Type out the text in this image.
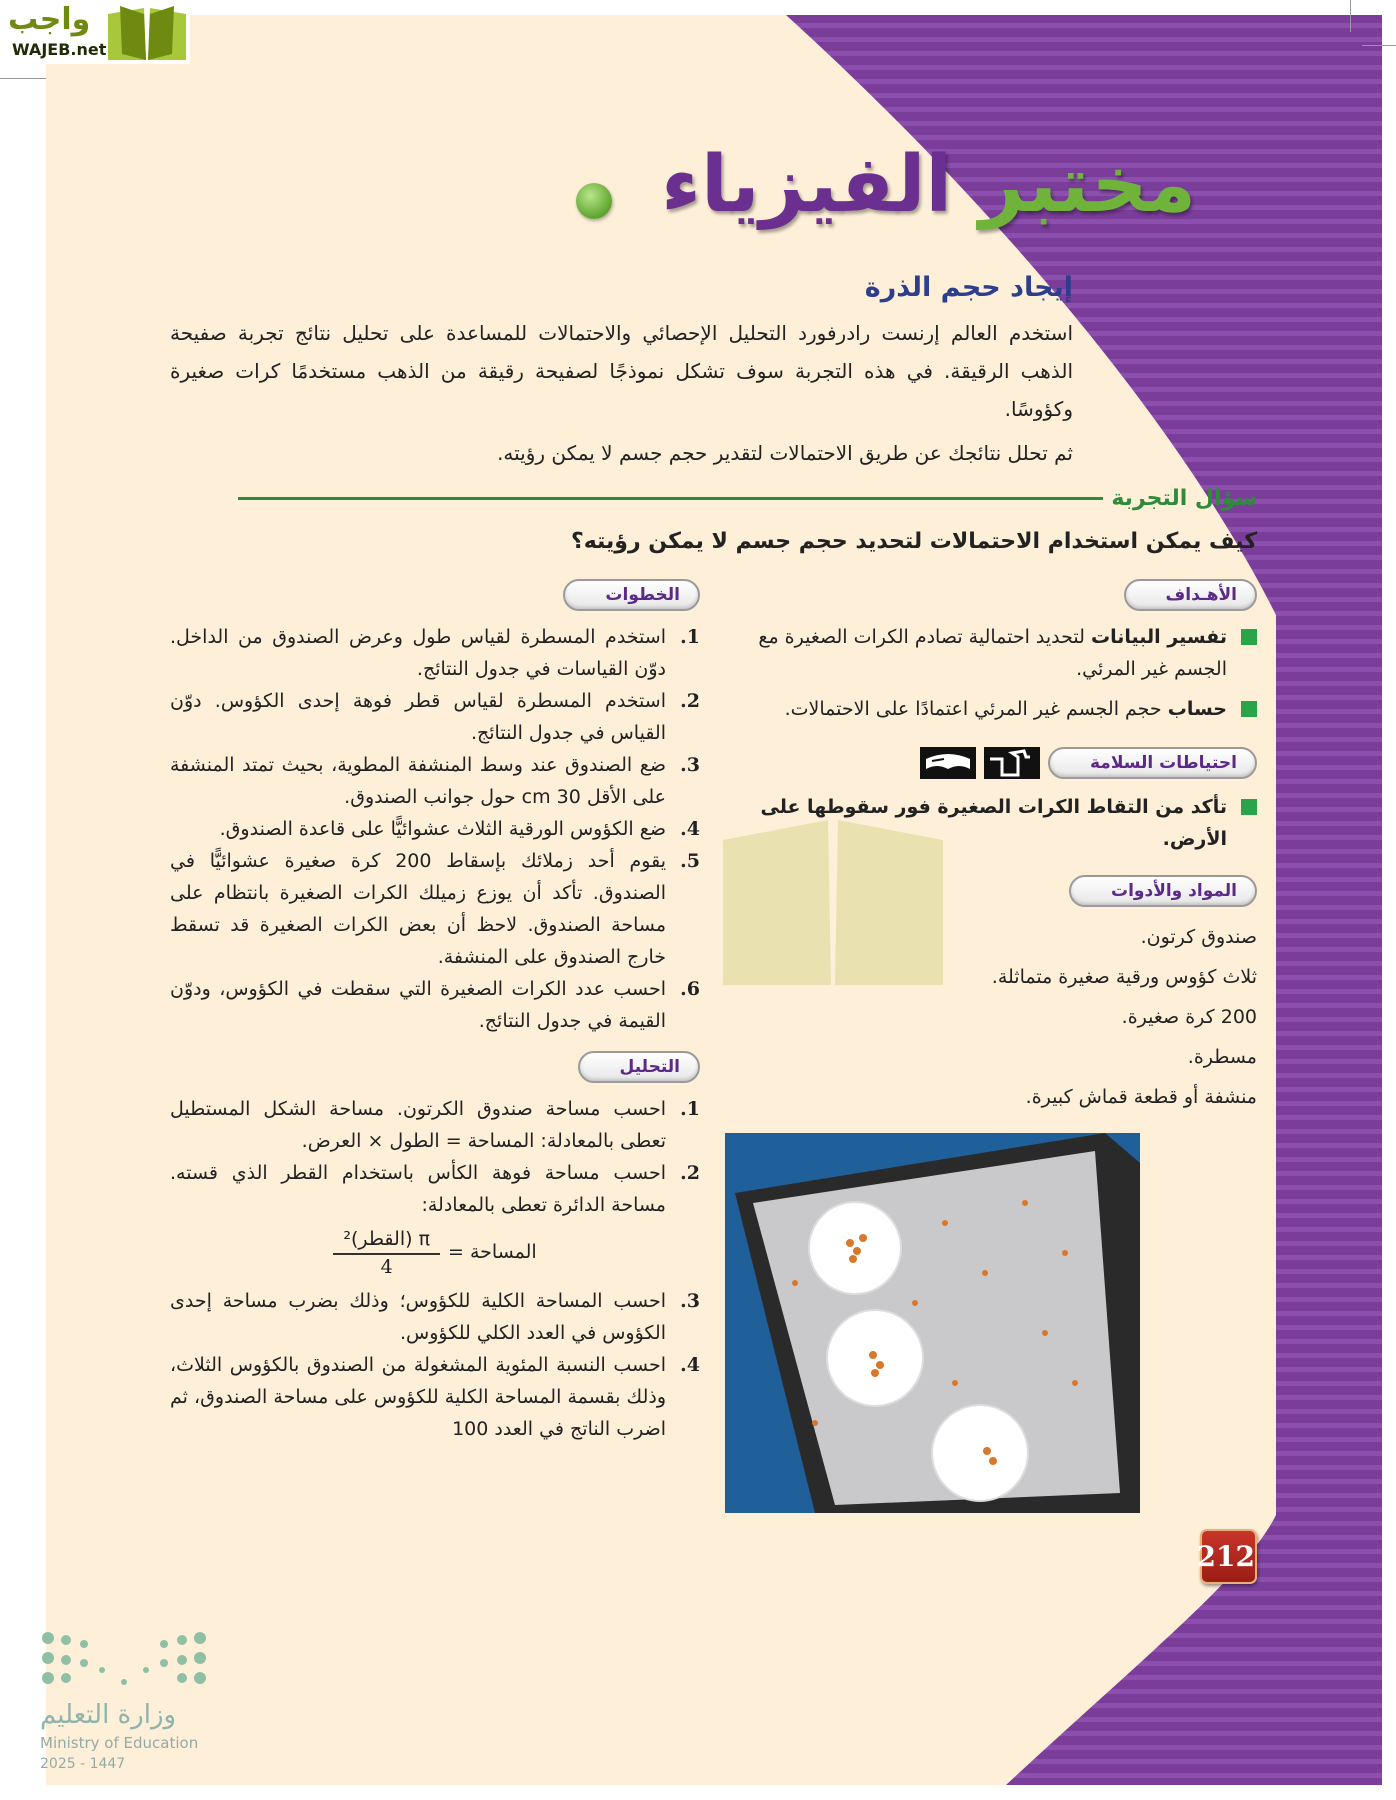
واجب
WAJEB.net
مختبر الفيزياء
إيجاد حجم الذرة
استخدم العالم إرنست رادرفورد التحليل الإحصائي والاحتمالات للمساعدة على تحليل نتائج تجربة صفيحة الذهب الرقيقة. في هذه التجربة سوف تشكل نموذجًا لصفيحة رقيقة من الذهب مستخدمًا كرات صغيرة وكؤوسًا.
ثم تحلل نتائجك عن طريق الاحتمالات لتقدير حجم جسم لا يمكن رؤيته.
سؤال التجربة
كيف يمكن استخدام الاحتمالات لتحديد حجم جسم لا يمكن رؤيته؟
الأهـداف
تفسير البيانات لتحديد احتمالية تصادم الكرات الصغيرة مع الجسم غير المرئي.
حساب حجم الجسم غير المرئي اعتمادًا على الاحتمالات.
احتياطات السلامة
تأكد من التقاط الكرات الصغيرة فور سقوطها على الأرض.
المواد والأدوات
صندوق كرتون.
ثلاث كؤوس ورقية صغيرة متماثلة.
200 كرة صغيرة.
مسطرة.
منشفة أو قطعة قماش كبيرة.
212
الخطوات
1.
استخدم المسطرة لقياس طول وعرض الصندوق من الداخل. دوّن القياسات في جدول النتائج.
2.
استخدم المسطرة لقياس قطر فوهة إحدى الكؤوس. دوّن القياس في جدول النتائج.
3.
ضع الصندوق عند وسط المنشفة المطوية، بحيث تمتد المنشفة على الأقل 30 cm حول جوانب الصندوق.
4.
ضع الكؤوس الورقية الثلاث عشوائيًّا على قاعدة الصندوق.
5.
يقوم أحد زملائك بإسقاط 200 كرة صغيرة عشوائيًّا في الصندوق. تأكد أن يوزع زميلك الكرات الصغيرة بانتظام على مساحة الصندوق. لاحظ أن بعض الكرات الصغيرة قد تسقط خارج الصندوق على المنشفة.
6.
احسب عدد الكرات الصغيرة التي سقطت في الكؤوس، ودوّن القيمة في جدول النتائج.
التحليل
1.
احسب مساحة صندوق الكرتون. مساحة الشكل المستطيل تعطى بالمعادلة: المساحة = الطول × العرض.
2.
احسب مساحة فوهة الكأس باستخدام القطر الذي قسته. مساحة الدائرة تعطى بالمعادلة:
المساحة =
$\frac{\text{π (القطر)²}}{4}$
3.
احسب المساحة الكلية للكؤوس؛ وذلك بضرب مساحة إحدى الكؤوس في العدد الكلي للكؤوس.
4.
احسب النسبة المئوية المشغولة من الصندوق بالكؤوس الثلاث، وذلك بقسمة المساحة الكلية للكؤوس على مساحة الصندوق، ثم اضرب الناتج في العدد 100
وزارة التعليم
Ministry of Education
2025 - 1447
